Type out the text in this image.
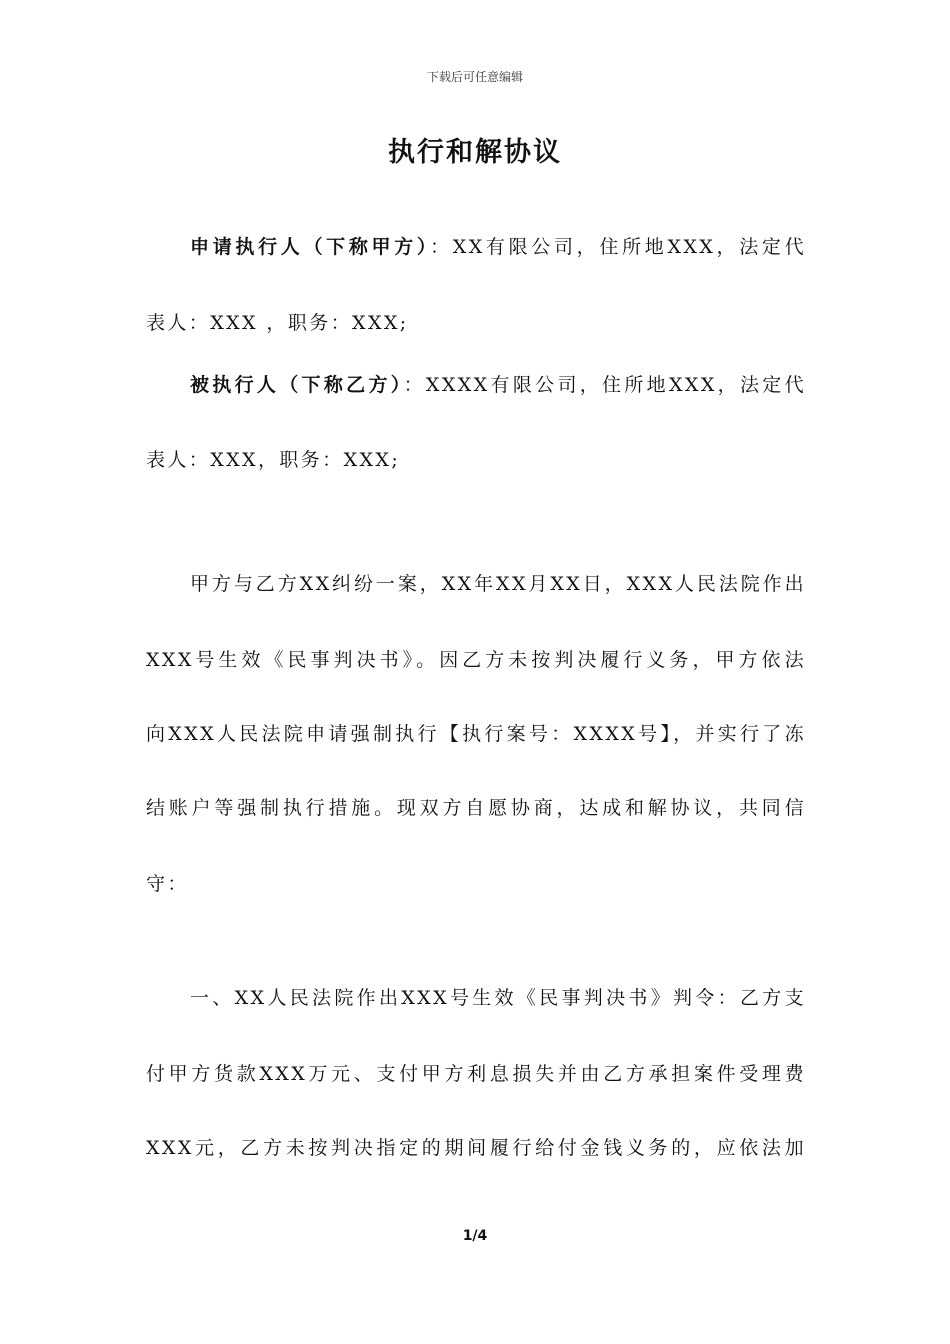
下载后可任意编辑
执行和解协议
申请执行人（下称甲方）：XX有限公司，住所地XXX，法定代
表人：XXX ，职务：XXX;
被执行人（下称乙方）：XXXX有限公司，住所地XXX，法定代
表人：XXX，职务：XXX;
甲方与乙方XX纠纷一案，XX年XX月XX日，XXX人民法院作出
XXX号生效《民事判决书》。因乙方未按判决履行义务，甲方依法
向XXX人民法院申请强制执行【执行案号：XXXX号】，并实行了冻
结账户等强制执行措施。现双方自愿协商，达成和解协议，共同信
守：
一、XX人民法院作出XXX号生效《民事判决书》判令：乙方支
付甲方货款XXX万元、支付甲方利息损失并由乙方承担案件受理费
XXX元，乙方未按判决指定的期间履行给付金钱义务的，应依法加
1/4
